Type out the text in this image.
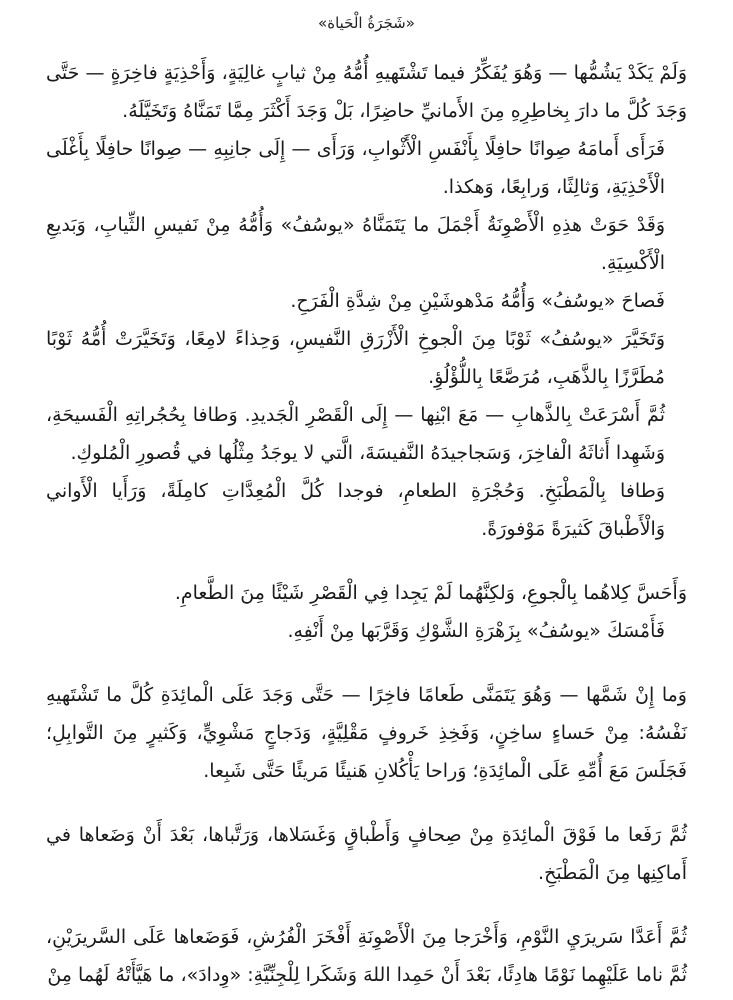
«شَجَرَةُ الْحَياة»

وَلَمْ يَكَدْ يَشُمُّها — وَهُوَ يُفَكِّرُ فيما تَشْتَهيهِ أُمُّهُ مِنْ ثيابٍ غالِيَةٍ، وَأَحْذِيَةٍ فاخِرَةٍ — حَتَّى وَجَدَ كُلَّ ما دارَ بِخاطِرِهِ مِنَ الأَمانيِّ حاضِرًا، بَلْ وَجَدَ أَكْثَرَ مِمَّا تَمَنَّاهُ وَتَخَيَّلَهُ.

فَرَأَى أَمامَهُ صِوانًا حافِلًا بِأَنْفَسِ الْأَثْوابِ، وَرَأَى — إِلَى جانِبِهِ — صِوانًا حافِلًا بِأَغْلَى الْأَحْذِيَةِ، وَثالِثًا، وَرابِعًا، وَهكذا.

وَقَدْ حَوَتْ هذِهِ الْأَصْوِنَةُ أَجْمَلَ ما يَتَمَنَّاهُ «يوسُفُ» وَأُمُّهُ مِنْ نَفيسِ الثِّيابِ، وَبَديعِ الْأَكْسِيَةِ.

فَصاحَ «يوسُفُ» وَأُمُّهُ مَدْهوشَيْنِ مِنْ شِدَّةِ الْفَرَحِ.

وَتَخَيَّرَ «يوسُفُ» ثَوْبًا مِنَ الْجوخِ الْأَزْرَقِ النَّفيسِ، وَحِذاءً لامِعًا، وَتَخَيَّرَتْ أُمُّهُ ثَوْبًا مُطَرَّزًا بِالذَّهَبِ، مُرَصَّعًا بِاللُّؤْلُؤِ.

ثُمَّ أَسْرَعَتْ بِالذَّهابِ — مَعَ ابْنِها — إِلَى الْقَصْرِ الْجَديدِ. وَطافا بِحُجُراتِهِ الْفَسيحَةِ، وَشَهِدا أَثاثَهُ الْفاخِرَ، وَسَجاجيدَهُ النَّفيسَةَ، الَّتي لا يوجَدُ مِثْلُها في قُصورِ الْمُلوكِ.

وَطافا بِالْمَطْبَخِ. وَحُجْرَةِ الطعامِ، فوجدا كُلَّ الْمُعِدَّاتِ كامِلَةً، وَرَأَيا الْأَواني وَالْأَطْباقَ كَثيرَةً مَوْفورَةً.

وَأَحَسَّ كِلاهُما بِالْجوعِ، وَلكِنَّهُما لَمْ يَجِدا فِي الْقَصْرِ شَيْئًا مِنَ الطَّعامِ.

فَأَمْسَكَ «يوسُفُ» بِزَهْرَةِ الشَّوْكِ وَقَرَّبَها مِنْ أَنْفِهِ.

وَما إِنْ شَمَّها — وَهُوَ يَتَمَنَّى طَعامًا فاخِرًا — حَتَّى وَجَدَ عَلَى الْمائِدَةِ كُلَّ ما تَشْتَهيهِ نَفْسُهُ: مِنْ حَساءٍ ساخِنٍ، وَفَخِذِ خَروفٍ مَقْلِيَّةٍ، وَدَجاجٍ مَشْوِيٍّ، وَكَثيرٍ مِنَ التَّوابِلِ؛ فَجَلَسَ مَعَ أُمِّهِ عَلَى الْمائِدَةِ؛ وَراحا يَأْكُلانِ هَنيئًا مَريئًا حَتَّى شَبِعا.

ثُمَّ رَفَعا ما فَوْقَ الْمائِدَةِ مِنْ صِحافٍ وَأَطْباقٍ وَغَسَلاها، وَرَتَّباها، بَعْدَ أَنْ وَضَعاها في أَماكِنِها مِنَ الْمَطْبَخِ.

ثُمَّ أَعَدَّا سَريرَيِ النَّوْمِ، وَأَخْرَجا مِنَ الْأَصْوِنَةِ أَفْخَرَ الْفُرُشِ، فَوَضَعاها عَلَى السَّريرَيْنِ، ثُمَّ ناما عَلَيْهِما نَوْمًا هادِئًا، بَعْدَ أَنْ حَمِدا اللهَ وَشَكَرا لِلْجِنِّيَّةِ: «وِدادَ»، ما هَيَّأَتْهُ لَهُما مِنْ
